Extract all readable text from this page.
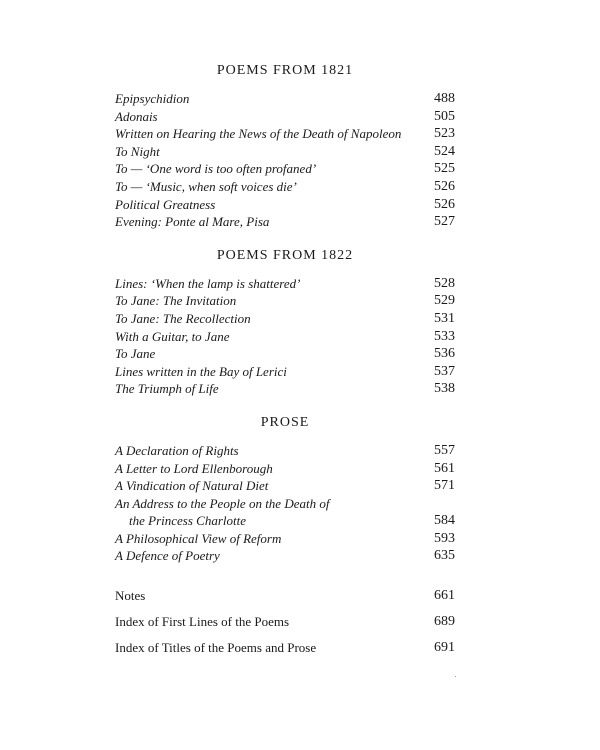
POEMS FROM 1821
Epipsychidion	488
Adonais	505
Written on Hearing the News of the Death of Napoleon 523
To Night	524
To — ‘One word is too often profaned’	525
To — ‘Music, when soft voices die’	526
Political Greatness	526
Evening: Ponte al Mare, Pisa	527
POEMS FROM 1822
Lines: ‘When the lamp is shattered’	528
To Jane: The Invitation	529
To Jane: The Recollection	531
With a Guitar, to Jane	533
To Jane	536
Lines written in the Bay of Lerici	537
The Triumph of Life	538
PROSE
A Declaration of Rights	557
A Letter to Lord Ellenborough	561
A Vindication of Natural Diet	571
An Address to the People on the Death of
the Princess Charlotte	584
A Philosophical View of Reform	593
A Defence of Poetry	635
Notes	661
Index of First Lines of the Poems	689
Index of Titles of the Poems and Prose	691
